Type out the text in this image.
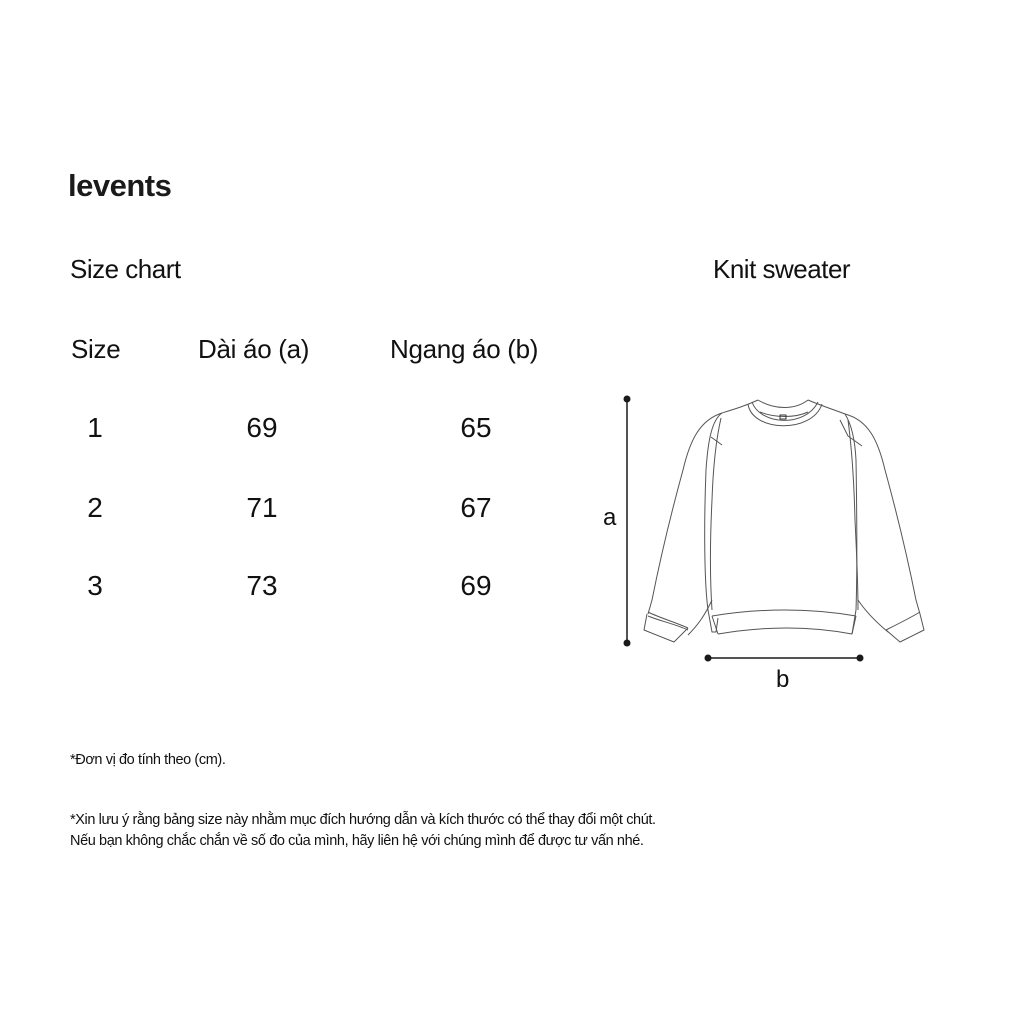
levents
Size chart	Knit sweater
Size	Dài áo (a)	Ngang áo (b)
1	69	65
2	71	67
3	73	69
a
b
*Đơn vị đo tính theo (cm).
*Xin lưu ý rằng bảng size này nhằm mục đích hướng dẫn và kích thước có thể thay đổi một chút.
Nếu bạn không chắc chắn về số đo của mình, hãy liên hệ với chúng mình để được tư vấn nhé.
